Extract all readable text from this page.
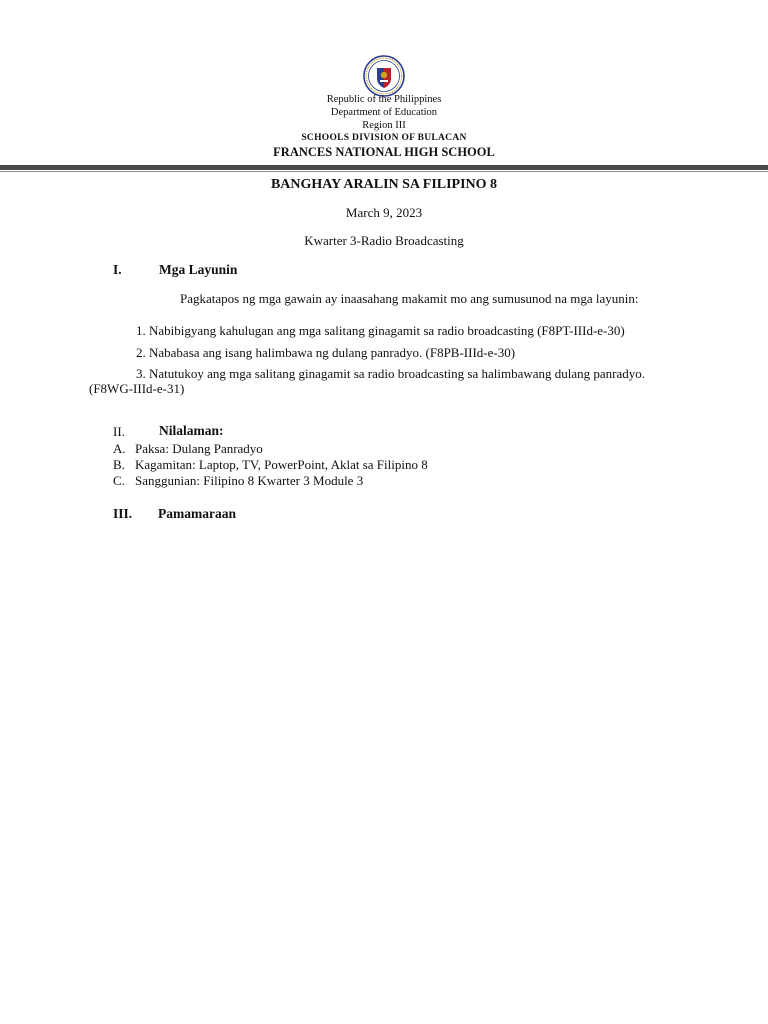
Republic of the Philippines
Department of Education
Region III
SCHOOLS DIVISION OF BULACAN
FRANCES NATIONAL HIGH SCHOOL
BANGHAY ARALIN SA FILIPINO 8
March 9, 2023
Kwarter 3-Radio Broadcasting
I.	Mga Layunin
Pagkatapos ng mga gawain ay inaasahang makamit mo ang sumusunod na mga layunin:
1. Nabibigyang kahulugan ang mga salitang ginagamit sa radio broadcasting (F8PT-IIId-e-30)
2. Nababasa ang isang halimbawa ng dulang panradyo. (F8PB-IIId-e-30)
3. Natutukoy ang mga salitang ginagamit sa radio broadcasting sa halimbawang dulang panradyo.
(F8WG-IIId-e-31)
II.	Nilalaman:
A. Paksa: Dulang Panradyo
B. Kagamitan: Laptop, TV, PowerPoint, Aklat sa Filipino 8
C. Sanggunian: Filipino 8 Kwarter 3 Module 3
III. Pamamaraan
